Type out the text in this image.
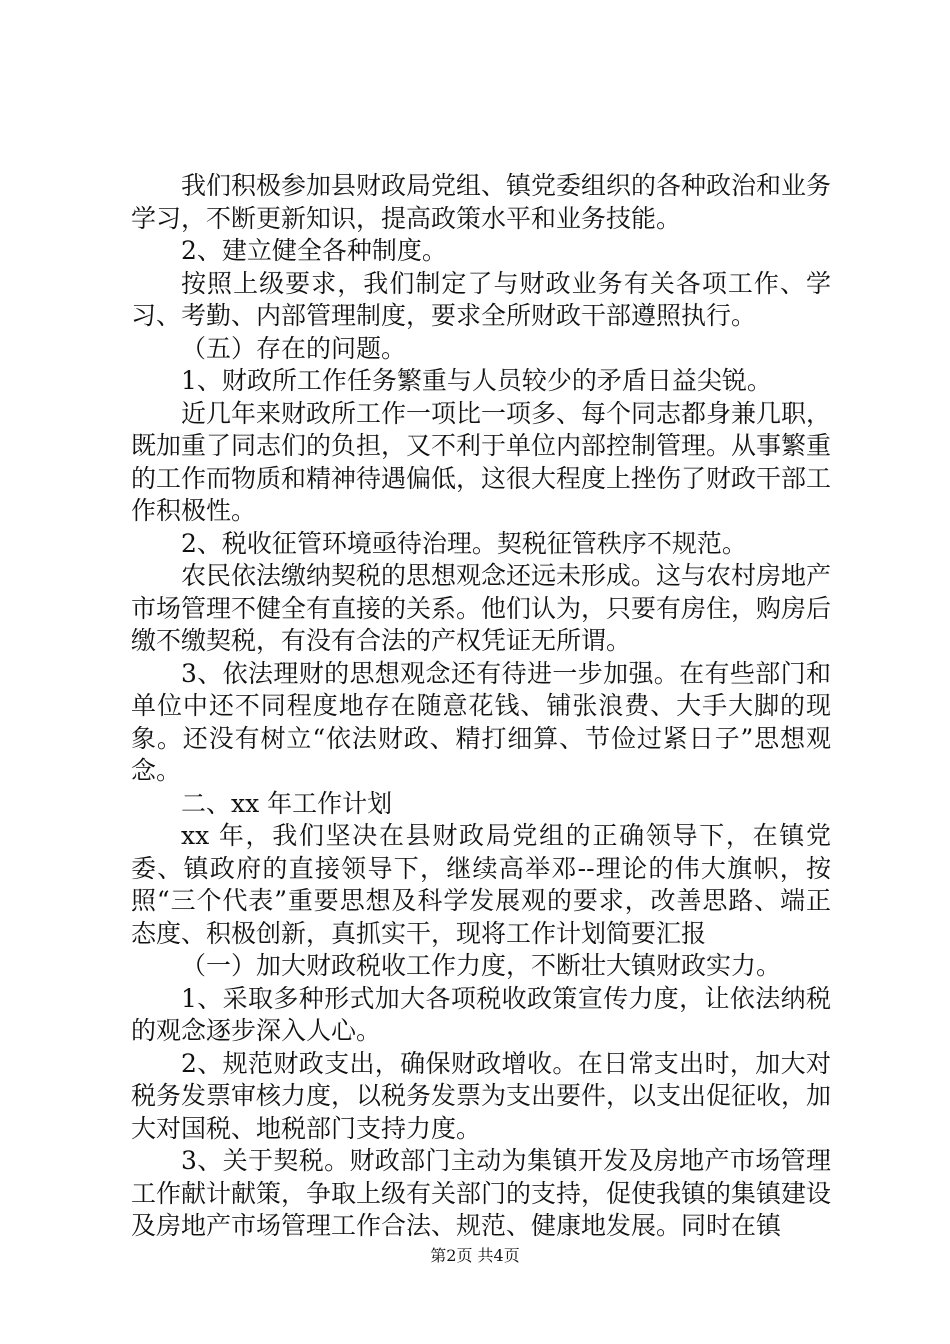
我们积极参加县财政局党组、镇党委组织的各种政治和业务学习，不断更新知识，提高政策水平和业务技能。

2、建立健全各种制度。

按照上级要求，我们制定了与财政业务有关各项工作、学习、考勤、内部管理制度，要求全所财政干部遵照执行。

（五）存在的问题。

1、财政所工作任务繁重与人员较少的矛盾日益尖锐。

近几年来财政所工作一项比一项多、每个同志都身兼几职，既加重了同志们的负担，又不利于单位内部控制管理。从事繁重的工作而物质和精神待遇偏低，这很大程度上挫伤了财政干部工作积极性。

2、税收征管环境亟待治理。契税征管秩序不规范。

农民依法缴纳契税的思想观念还远未形成。这与农村房地产市场管理不健全有直接的关系。他们认为，只要有房住，购房后缴不缴契税，有没有合法的产权凭证无所谓。

3、依法理财的思想观念还有待进一步加强。在有些部门和单位中还不同程度地存在随意花钱、铺张浪费、大手大脚的现象。还没有树立“依法财政、精打细算、节俭过紧日子”思想观念。

二、xx 年工作计划

xx 年，我们坚决在县财政局党组的正确领导下，在镇党委、镇政府的直接领导下，继续高举邓--理论的伟大旗帜，按照“三个代表”重要思想及科学发展观的要求，改善思路、端正态度、积极创新，真抓实干，现将工作计划简要汇报

（一）加大财政税收工作力度，不断壮大镇财政实力。

1、采取多种形式加大各项税收政策宣传力度，让依法纳税的观念逐步深入人心。

2、规范财政支出，确保财政增收。在日常支出时，加大对税务发票审核力度，以税务发票为支出要件，以支出促征收，加大对国税、地税部门支持力度。

3、关于契税。财政部门主动为集镇开发及房地产市场管理工作献计献策，争取上级有关部门的支持，促使我镇的集镇建设及房地产市场管理工作合法、规范、健康地发展。同时在镇

第2页 共4页
